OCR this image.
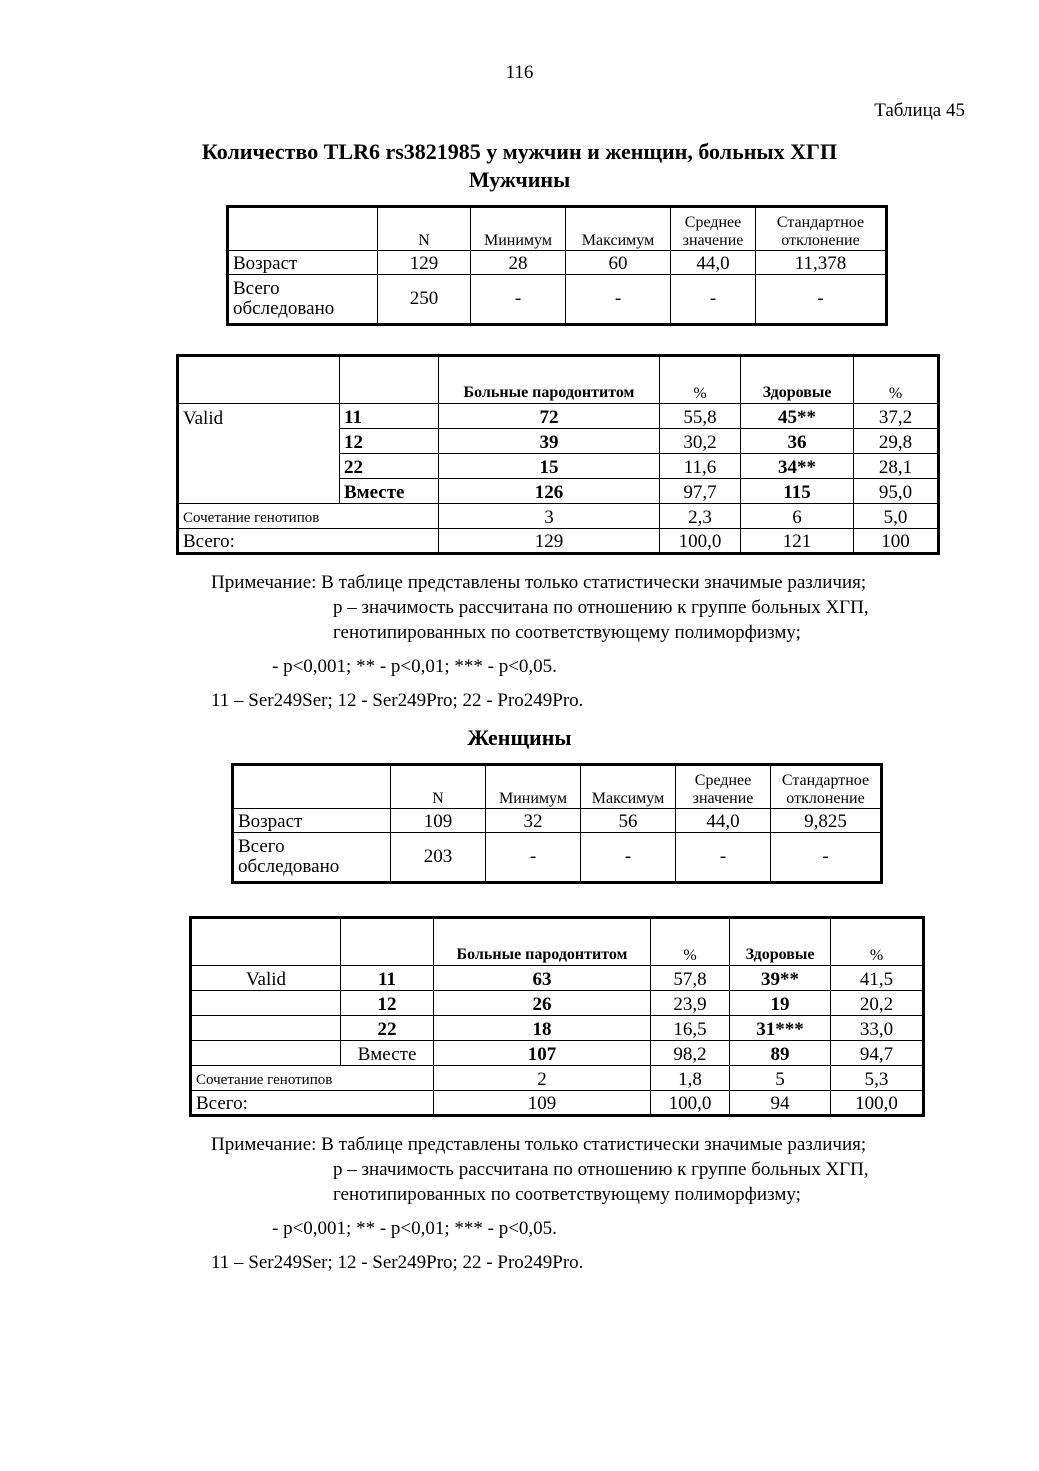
116
Таблица 45
Количество TLR6 rs3821985 у мужчин и женщин, больных ХГП
Мужчины
	N	Минимум	Максимум	Среднее значение	Стандартное отклонение
Возраст	129	28	60	44,0	11,378
Всего обследовано	250	-	-	-	-
		Больные пародонтитом	%	Здоровые	%
Valid	11	72	55,8	45**	37,2
	12	39	30,2	36	29,8
	22	15	11,6	34**	28,1
	Вместе	126	97,7	115	95,0
Сочетание генотипов		3	2,3	6	5,0
Всего:		129	100,0	121	100
Примечание: В таблице представлены только статистически значимые различия;
р – значимость рассчитана по отношению к группе больных ХГП,
генотипированных по соответствующему полиморфизму;
- p<0,001; ** - p<0,01; *** - p<0,05.
11 – Ser249Ser; 12 - Ser249Pro; 22 - Pro249Pro.
Женщины
	N	Минимум	Максимум	Среднее значение	Стандартное отклонение
Возраст	109	32	56	44,0	9,825
Всего обследовано	203	-	-	-	-
		Больные пародонтитом	%	Здоровые	%
Valid	11	63	57,8	39**	41,5
	12	26	23,9	19	20,2
	22	18	16,5	31***	33,0
	Вместе	107	98,2	89	94,7
Сочетание генотипов		2	1,8	5	5,3
Всего:		109	100,0	94	100,0
Примечание: В таблице представлены только статистически значимые различия;
р – значимость рассчитана по отношению к группе больных ХГП,
генотипированных по соответствующему полиморфизму;
- p<0,001; ** - p<0,01; *** - p<0,05.
11 – Ser249Ser; 12 - Ser249Pro; 22 - Pro249Pro.
